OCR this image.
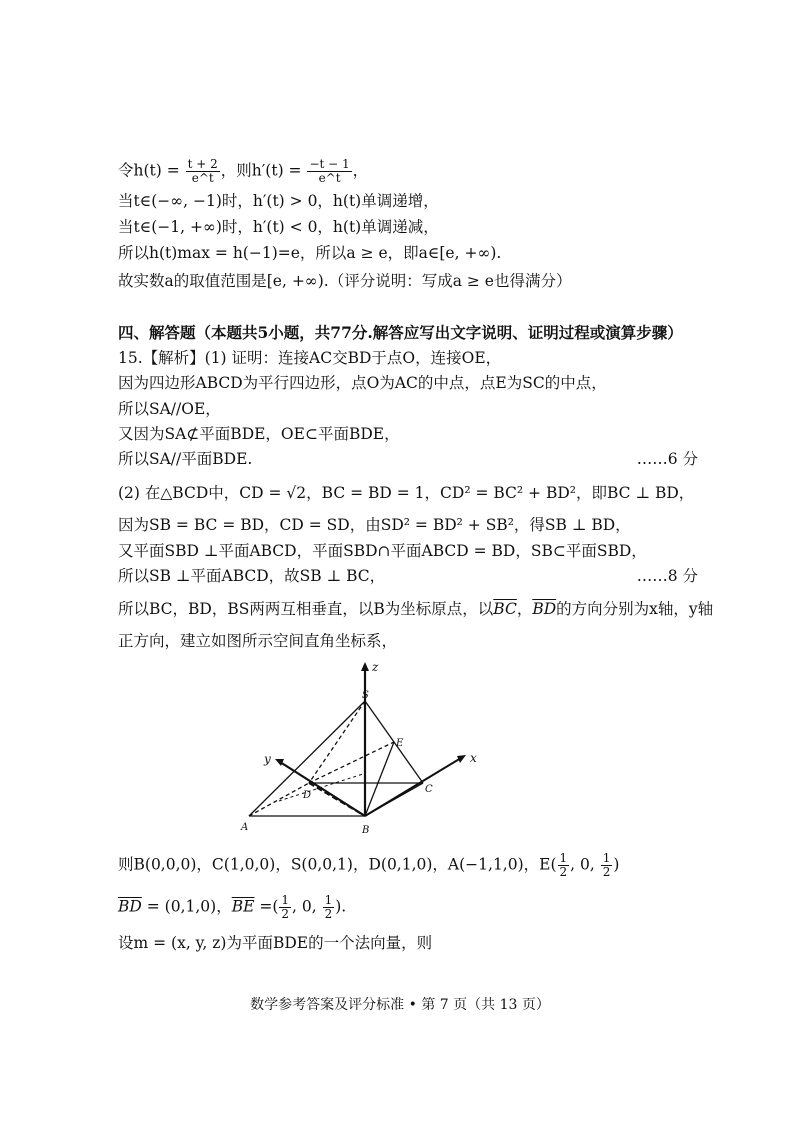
令$h(t) = \frac{t + 2}{e\^{}t}$ ，则$h'(t) = \frac{-t - 1}{e\^{}t}$ ，
当t∈(−∞, −1)时，h′(t) > 0，h(t)单调递增，
当t∈(−1, +∞)时，h′(t) < 0，h(t)单调递减，
所以h(t)max = h(−1)=e，所以a ≥ e，即a∈[e, +∞).
故实数a的取值范围是[e, +∞).（评分说明：写成a ≥ e也得满分）
四、解答题（本题共5小题，共77分.解答应写出文字说明、证明过程或演算步骤）
15.【解析】(1) 证明：连接AC交BD于点O，连接OE，
因为四边形ABCD为平行四边形，点O为AC的中点，点E为SC的中点，
所以SA//OE，
又因为SA⊄平面BDE，OE⊂平面BDE，
所以SA//平面BDE.	……6 分
(2) 在△BCD中，CD = √2，BC = BD = 1，CD² = BC² + BD²，即BC ⊥ BD，
因为SB = BC = BD，CD = SD，由SD² = BD² + SB²，得SB ⊥ BD，
又平面SBD ⊥平面ABCD，平面SBD∩平面ABCD = BD，SB⊂平面SBD，
所以SB ⊥平面ABCD，故SB ⊥ BC，	……8 分
所以BC，BD，BS两两互相垂直，以B为坐标原点，以$\overline{BC}$，$\overline{BD}$的方向分别为x轴，y轴
正方向，建立如图所示空间直角坐标系，
z
y	x
S
E
D
C
A	B
则B(0,0,0)，C(1,0,0)，S(0,0,1)，D(0,1,0)，A(−1,1,0)，$E( \frac{1}{2}$ , 0, $\frac{1}{2}$ )
$\overline{BD} = (0,1,0)$，$\overline{BE}$ =( $\frac{1}{2}$ , 0, $\frac{1}{2}$ ).
设m = (x, y, z)为平面BDE的一个法向量，则
数学参考答案及评分标准 • 第 7 页（共 13 页）
